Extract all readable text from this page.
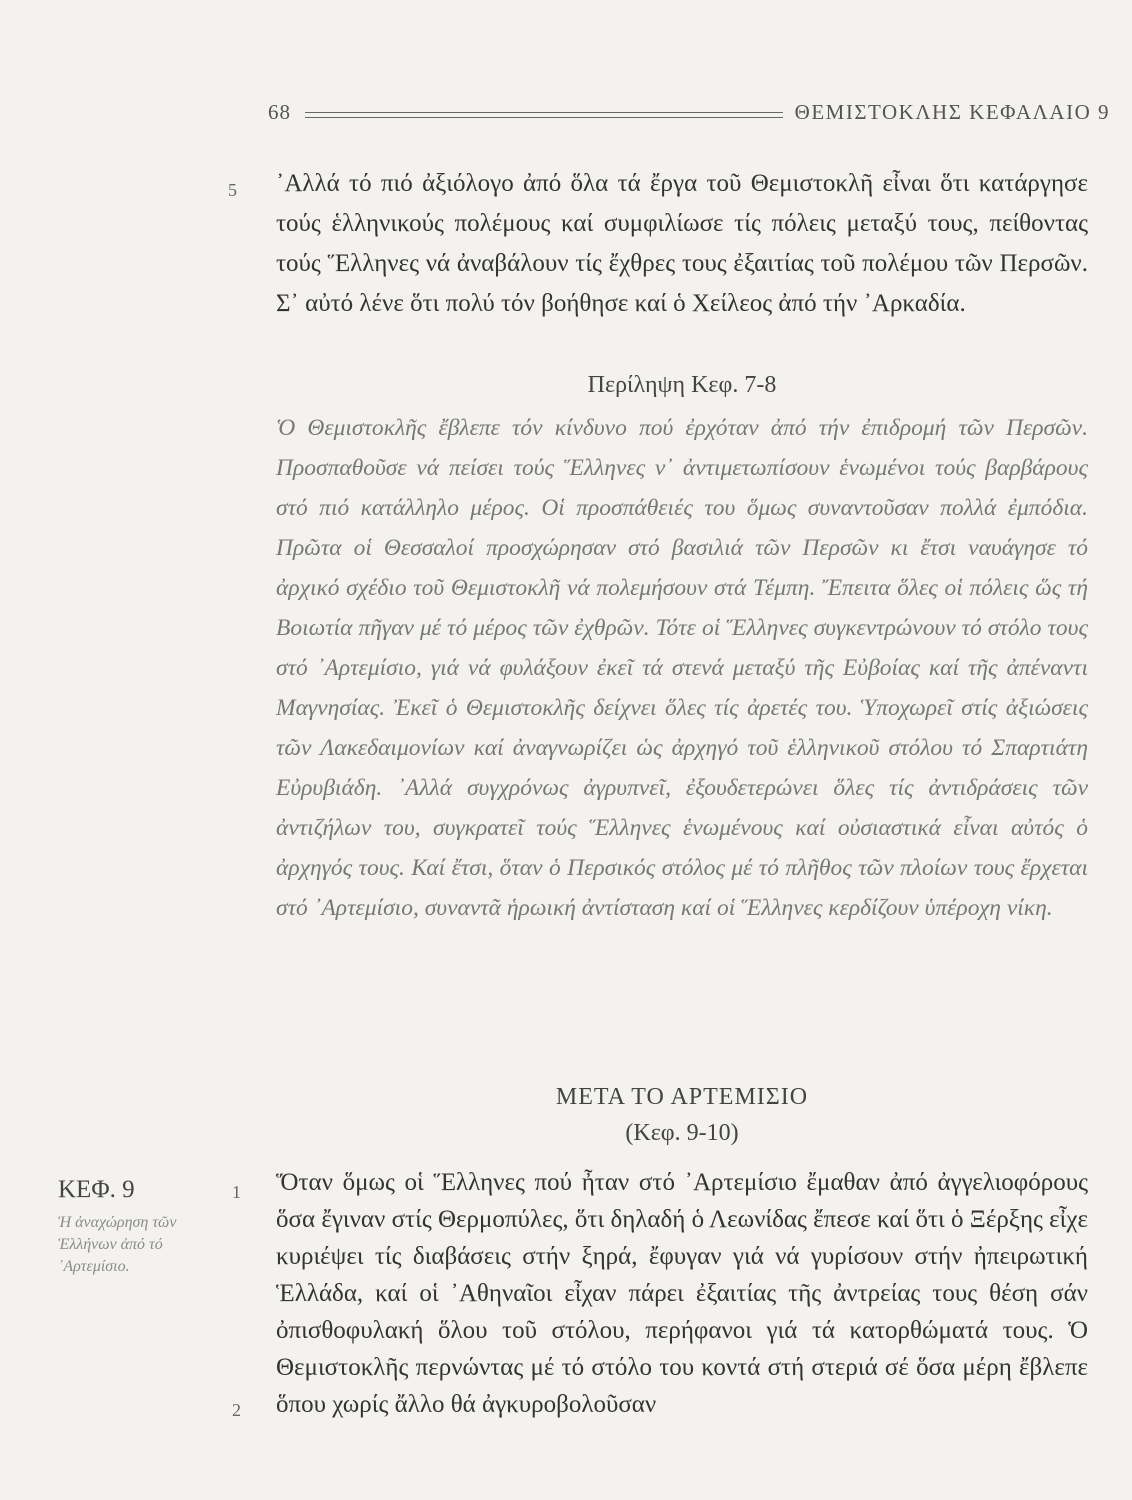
68	ΘΕΜΙΣΤΟΚΛΗΣ ΚΕΦΑΛΑΙΟ 9
5 ᾿Αλλά τό πιό ἀξιόλογο ἀπό ὅλα τά ἔργα τοῦ Θεμιστοκλῆ εἶναι ὅτι κατάργησε τούς ἑλληνικούς πολέμους καί συμφιλίωσε τίς πόλεις μεταξύ τους, πείθοντας τούς Ἕλληνες νά ἀναβάλουν τίς ἔχθρες τους ἐξαιτίας τοῦ πολέμου τῶν Περσῶν. Σ᾿ αὐτό λένε ὅτι πολύ τόν βοήθησε καί ὁ Χείλεος ἀπό τήν ᾿Αρκαδία.
Περίληψη Κεφ. 7-8
Ὁ Θεμιστοκλῆς ἔβλεπε τόν κίνδυνο πού ἐρχόταν ἀπό τήν ἐπιδρομή τῶν Περσῶν. Προσπαθοῦσε νά πείσει τούς Ἕλληνες ν᾿ ἀντιμετωπίσουν ἑνωμένοι τούς βαρβάρους στό πιό κατάλληλο μέρος. Οἱ προσπάθειές του ὅμως συναντοῦσαν πολλά ἐμπόδια. Πρῶτα οἱ Θεσσαλοί προσχώρησαν στό βασιλιά τῶν Περσῶν κι ἔτσι ναυάγησε τό ἀρχικό σχέδιο τοῦ Θεμιστοκλῆ νά πολεμήσουν στά Τέμπη. Ἔπειτα ὅλες οἱ πόλεις ὥς τή Βοιωτία πῆγαν μέ τό μέρος τῶν ἐχθρῶν. Τότε οἱ Ἕλληνες συγκεντρώνουν τό στόλο τους στό ᾿Αρτεμίσιο, γιά νά φυλάξουν ἐκεῖ τά στενά μεταξύ τῆς Εὐβοίας καί τῆς ἀπέναντι Μαγνησίας. Ἐκεῖ ὁ Θεμιστοκλῆς δείχνει ὅλες τίς ἀρετές του. Ὑποχωρεῖ στίς ἀξιώσεις τῶν Λακεδαιμονίων καί ἀναγνωρίζει ὡς ἀρχηγό τοῦ ἑλληνικοῦ στόλου τό Σπαρτιάτη Εὐρυβιάδη. ᾿Αλλά συγχρόνως ἀγρυπνεῖ, ἐξουδετερώνει ὅλες τίς ἀντιδράσεις τῶν ἀντιζήλων του, συγκρατεῖ τούς Ἕλληνες ἑνωμένους καί οὐσιαστικά εἶναι αὐτός ὁ ἀρχηγός τους. Καί ἔτσι, ὅταν ὁ Περσικός στόλος μέ τό πλῆθος τῶν πλοίων τους ἔρχεται στό ᾿Αρτεμίσιο, συναντᾶ ἡρωική ἀντίσταση καί οἱ Ἕλληνες κερδίζουν ὑπέροχη νίκη.
ΜΕΤΑ ΤΟ ΑΡΤΕΜΙΣΙΟ
(Κεφ. 9-10)
ΚΕΦ. 9
Ἡ ἀναχώρηση τῶν Ἑλλήνων ἀπό τό ᾿Αρτεμίσιο.
1
2
Ὅταν ὅμως οἱ Ἕλληνες πού ἦταν στό ᾿Αρτεμίσιο ἔμαθαν ἀπό ἀγγελιοφόρους ὅσα ἔγιναν στίς Θερμοπύλες, ὅτι δηλαδή ὁ Λεωνίδας ἔπεσε καί ὅτι ὁ Ξέρξης εἶχε κυριέψει τίς διαβάσεις στήν ξηρά, ἔφυγαν γιά νά γυρίσουν στήν ἠπειρωτική Ἑλλάδα, καί οἱ ᾿Αθηναῖοι εἶχαν πάρει ἐξαιτίας τῆς ἀντρείας τους θέση σάν ὀπισθοφυλακή ὅλου τοῦ στόλου, περήφανοι γιά τά κατορθώματά τους. Ὁ Θεμιστοκλῆς περνώντας μέ τό στόλο του κοντά στή στεριά σέ ὅσα μέρη ἔβλεπε ὅπου χωρίς ἄλλο θά ἀγκυροβολοῦσαν
